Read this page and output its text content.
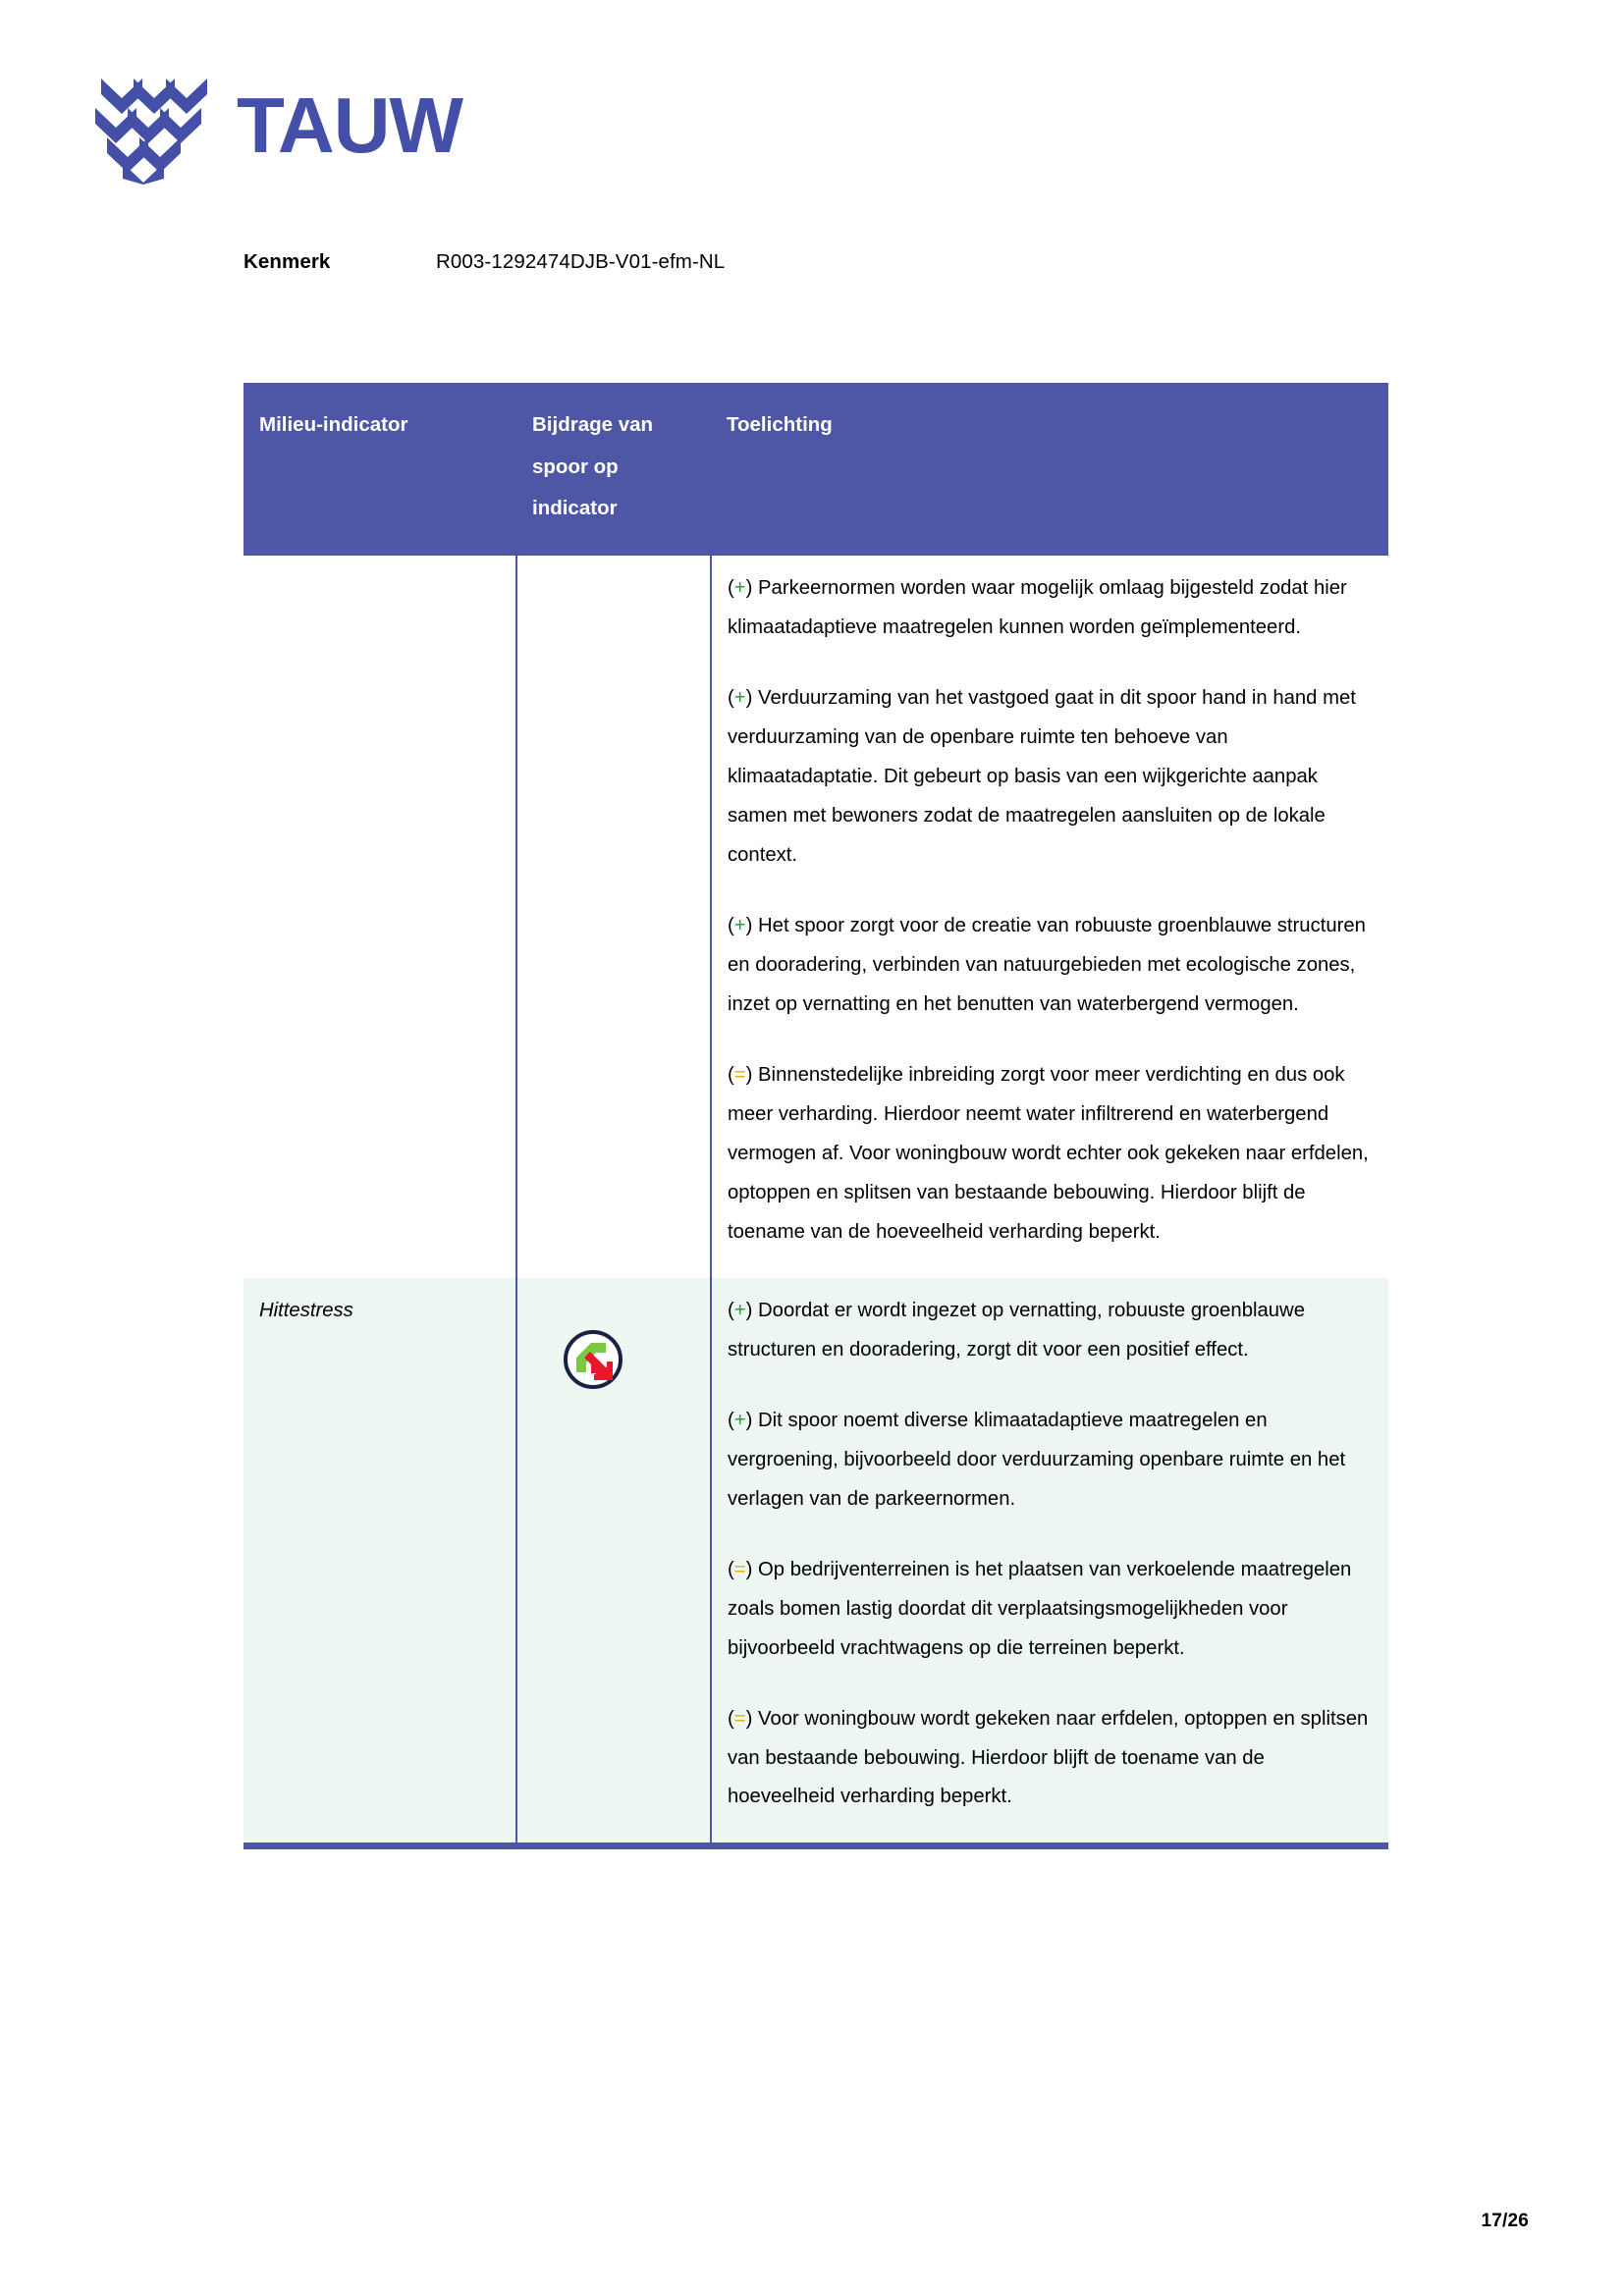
TAUW
Kenmerk	R003-1292474DJB-V01-efm-NL
Milieu-indicator	Bijdrage van spoor op indicator	Toelichting

		(+) Parkeernormen worden waar mogelijk omlaag bijgesteld zodat hier klimaatadaptieve maatregelen kunnen worden geïmplementeerd.

(+) Verduurzaming van het vastgoed gaat in dit spoor hand in hand met verduurzaming van de openbare ruimte ten behoeve van klimaatadaptatie. Dit gebeurt op basis van een wijkgerichte aanpak samen met bewoners zodat de maatregelen aansluiten op de lokale context.

(+) Het spoor zorgt voor de creatie van robuuste groenblauwe structuren en dooradering, verbinden van natuurgebieden met ecologische zones, inzet op vernatting en het benutten van waterbergend vermogen.

(=) Binnenstedelijke inbreiding zorgt voor meer verdichting en dus ook meer verharding. Hierdoor neemt water infiltrerend en waterbergend vermogen af. Voor woningbouw wordt echter ook gekeken naar erfdelen, optoppen en splitsen van bestaande bebouwing. Hierdoor blijft de toename van de hoeveelheid verharding beperkt.

Hittestress		(+) Doordat er wordt ingezet op vernatting, robuuste groenblauwe structuren en dooradering, zorgt dit voor een positief effect.

(+) Dit spoor noemt diverse klimaatadaptieve maatregelen en vergroening, bijvoorbeeld door verduurzaming openbare ruimte en het verlagen van de parkeernormen.

(=) Op bedrijventerreinen is het plaatsen van verkoelende maatregelen zoals bomen lastig doordat dit verplaatsingsmogelijkheden voor bijvoorbeeld vrachtwagens op die terreinen beperkt.

(=) Voor woningbouw wordt gekeken naar erfdelen, optoppen en splitsen van bestaande bebouwing. Hierdoor blijft de toename van de hoeveelheid verharding beperkt.

17/26
